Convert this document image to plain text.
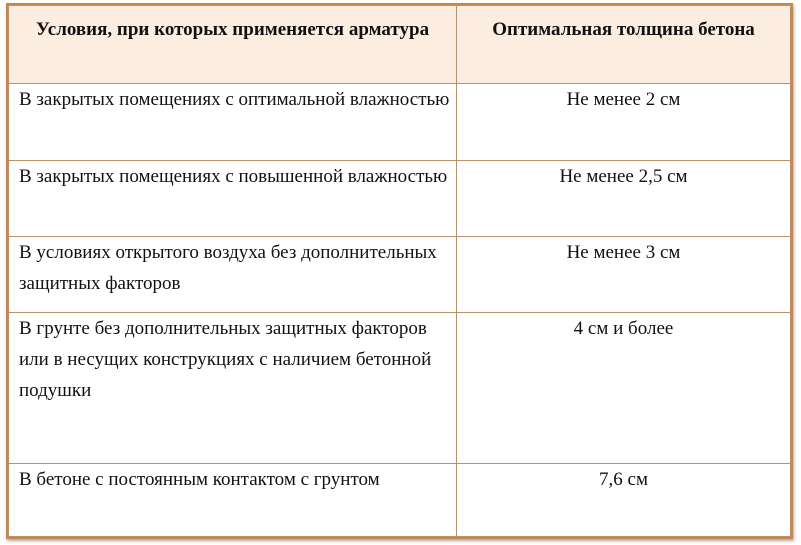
Условия, при которых применяется арматура	Оптимальная толщина бетона
В закрытых помещениях с оптимальной влажностью	Не менее 2 см
В закрытых помещениях с повышенной влажностью	Не менее 2,5 см
В условиях открытого воздуха без дополнительных защитных факторов	Не менее 3 см
В грунте без дополнительных защитных факторов или в несущих конструкциях с наличием бетонной подушки	4 см и более
В бетоне с постоянным контактом с грунтом	7,6 см
